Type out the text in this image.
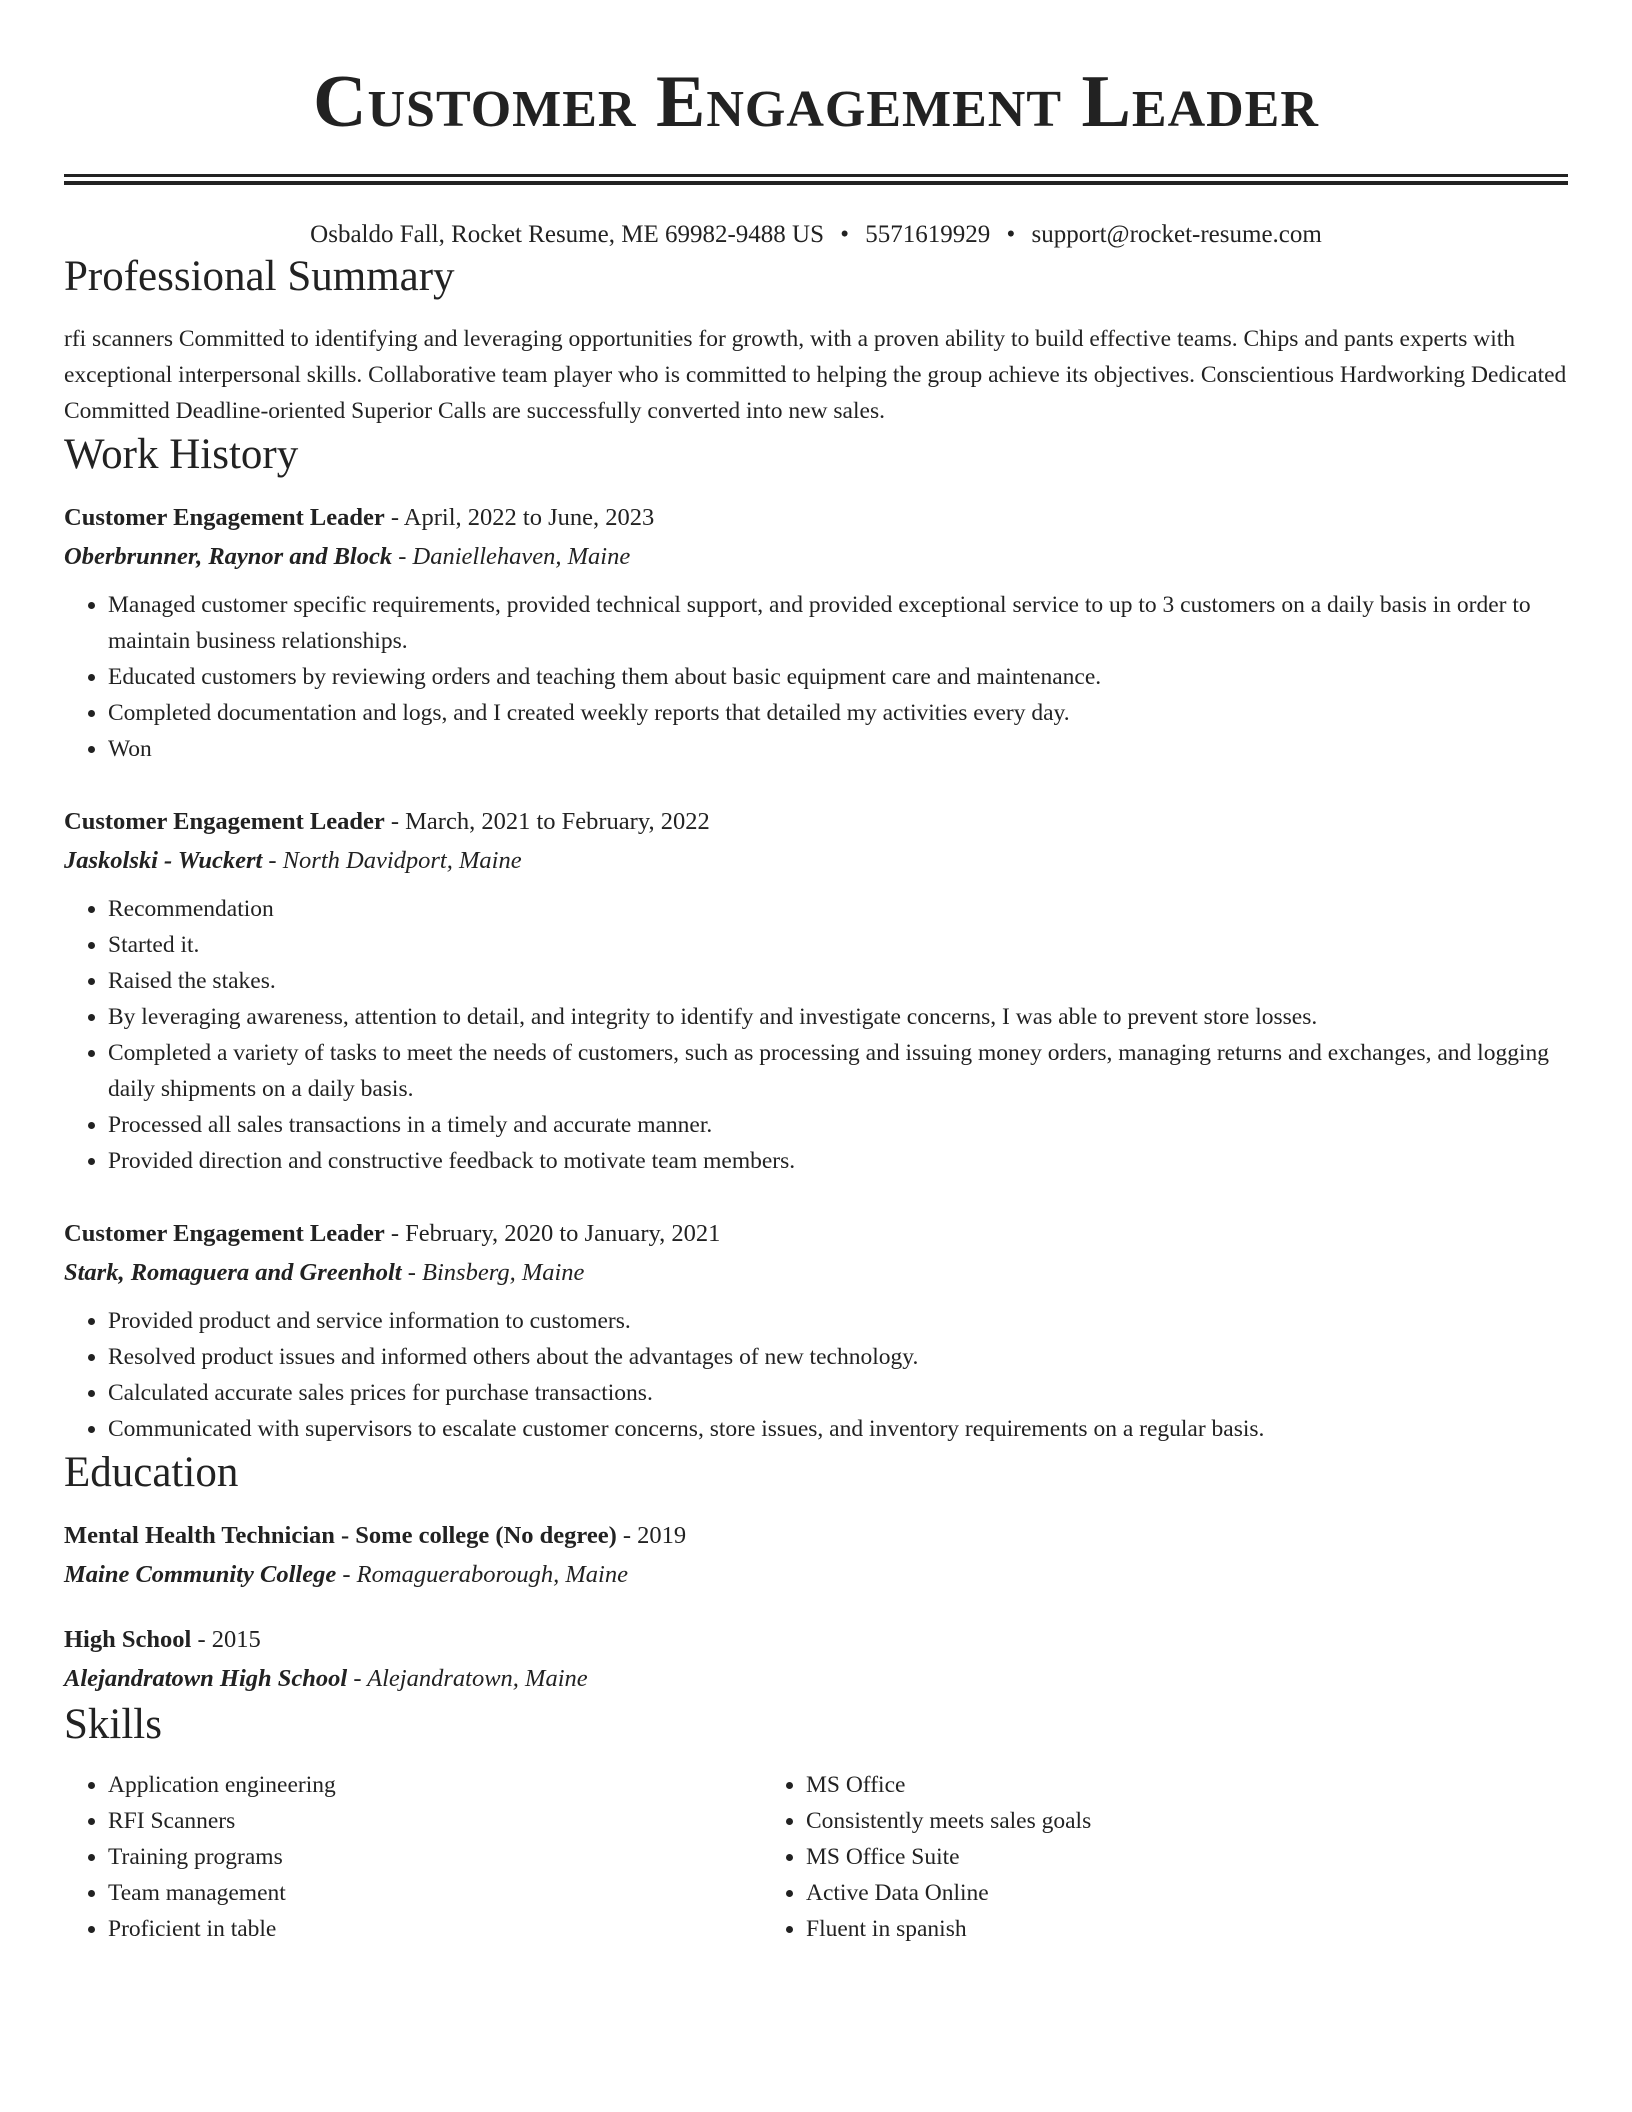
Customer Engagement Leader
Osbaldo Fall, Rocket Resume, ME 69982-9488 US • 5571619929 • support@rocket-resume.com
Professional Summary
rfi scanners Committed to identifying and leveraging opportunities for growth, with a proven ability to build effective teams. Chips and pants experts with exceptional interpersonal skills. Collaborative team player who is committed to helping the group achieve its objectives. Conscientious Hardworking Dedicated Committed Deadline-oriented Superior Calls are successfully converted into new sales.
Work History
Customer Engagement Leader - April, 2022 to June, 2023
Oberbrunner, Raynor and Block - Daniellehaven, Maine
• Managed customer specific requirements, provided technical support, and provided exceptional service to up to 3 customers on a daily basis in order to maintain business relationships.
• Educated customers by reviewing orders and teaching them about basic equipment care and maintenance.
• Completed documentation and logs, and I created weekly reports that detailed my activities every day.
• Won
Customer Engagement Leader - March, 2021 to February, 2022
Jaskolski - Wuckert - North Davidport, Maine
• Recommendation
• Started it.
• Raised the stakes.
• By leveraging awareness, attention to detail, and integrity to identify and investigate concerns, I was able to prevent store losses.
• Completed a variety of tasks to meet the needs of customers, such as processing and issuing money orders, managing returns and exchanges, and logging daily shipments on a daily basis.
• Processed all sales transactions in a timely and accurate manner.
• Provided direction and constructive feedback to motivate team members.
Customer Engagement Leader - February, 2020 to January, 2021
Stark, Romaguera and Greenholt - Binsberg, Maine
• Provided product and service information to customers.
• Resolved product issues and informed others about the advantages of new technology.
• Calculated accurate sales prices for purchase transactions.
• Communicated with supervisors to escalate customer concerns, store issues, and inventory requirements on a regular basis.
Education
Mental Health Technician - Some college (No degree) - 2019
Maine Community College - Romagueraborough, Maine
High School - 2015
Alejandratown High School - Alejandratown, Maine
Skills
• Application engineering
• RFI Scanners
• Training programs
• Team management
• Proficient in table
• MS Office
• Consistently meets sales goals
• MS Office Suite
• Active Data Online
• Fluent in spanish
